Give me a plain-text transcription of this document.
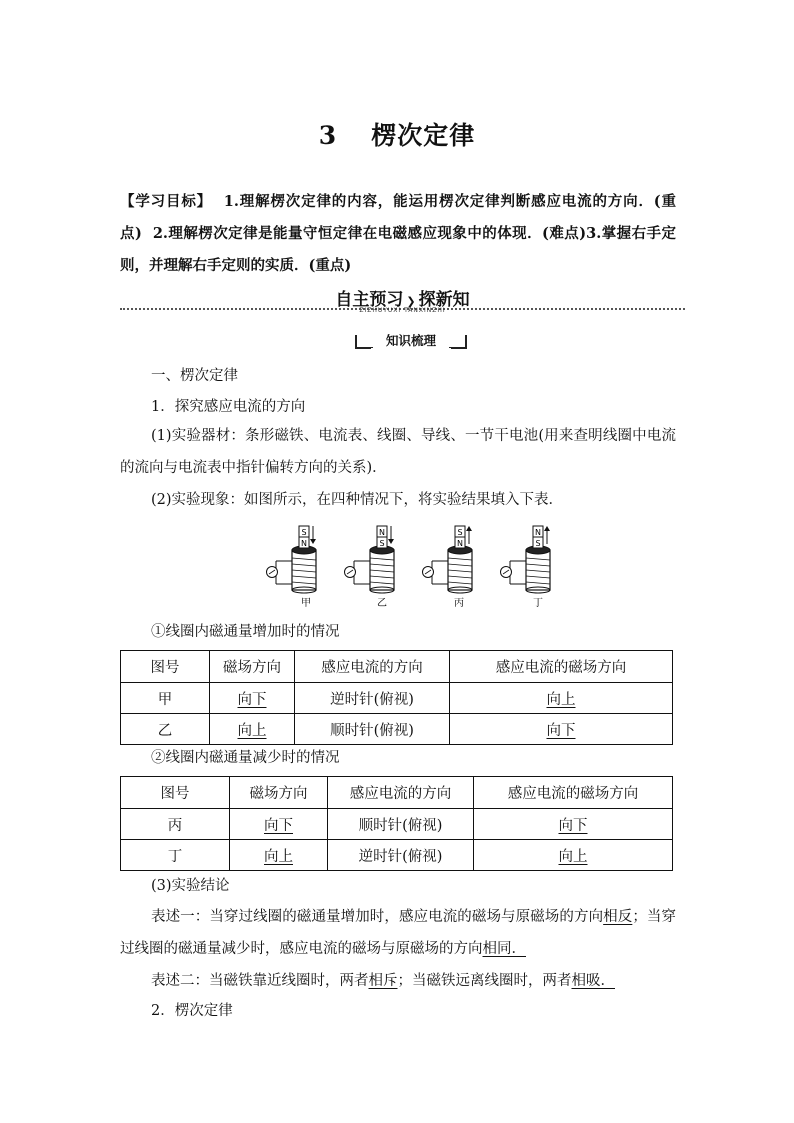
3 楞次定律
【学习目标】 1.理解楞次定律的内容，能运用楞次定律判断感应电流的方向．(重点) 2.理解楞次定律是能量守恒定律在电磁感应现象中的体现．(难点)3.掌握右手定则，并理解右手定则的实质．(重点)
自主预习 ❯ 探新知
ZIZHUYUXI TANXINZHI
知识梳理
一、楞次定律
1．探究感应电流的方向
(1)实验器材：条形磁铁、电流表、线圈、导线、一节干电池(用来查明线圈中电流的流向与电流表中指针偏转方向的关系)．
(2)实验现象：如图所示，在四种情况下，将实验结果填入下表．
S
N
N
S
S
N
N
S
甲	乙	丙	丁
①线圈内磁通量增加时的情况
图号	磁场方向	感应电流的方向	感应电流的磁场方向
甲	向下	逆时针(俯视)	向上
乙	向上	顺时针(俯视)	向下
②线圈内磁通量减少时的情况
图号	磁场方向	感应电流的方向	感应电流的磁场方向
丙	向下	顺时针(俯视)	向下
丁	向上	逆时针(俯视)	向上
(3)实验结论
表述一：当穿过线圈的磁通量增加时，感应电流的磁场与原磁场的方向相反；当穿过线圈的磁通量减少时，感应电流的磁场与原磁场的方向相同．
表述二：当磁铁靠近线圈时，两者相斥；当磁铁远离线圈时，两者相吸．
2．楞次定律
